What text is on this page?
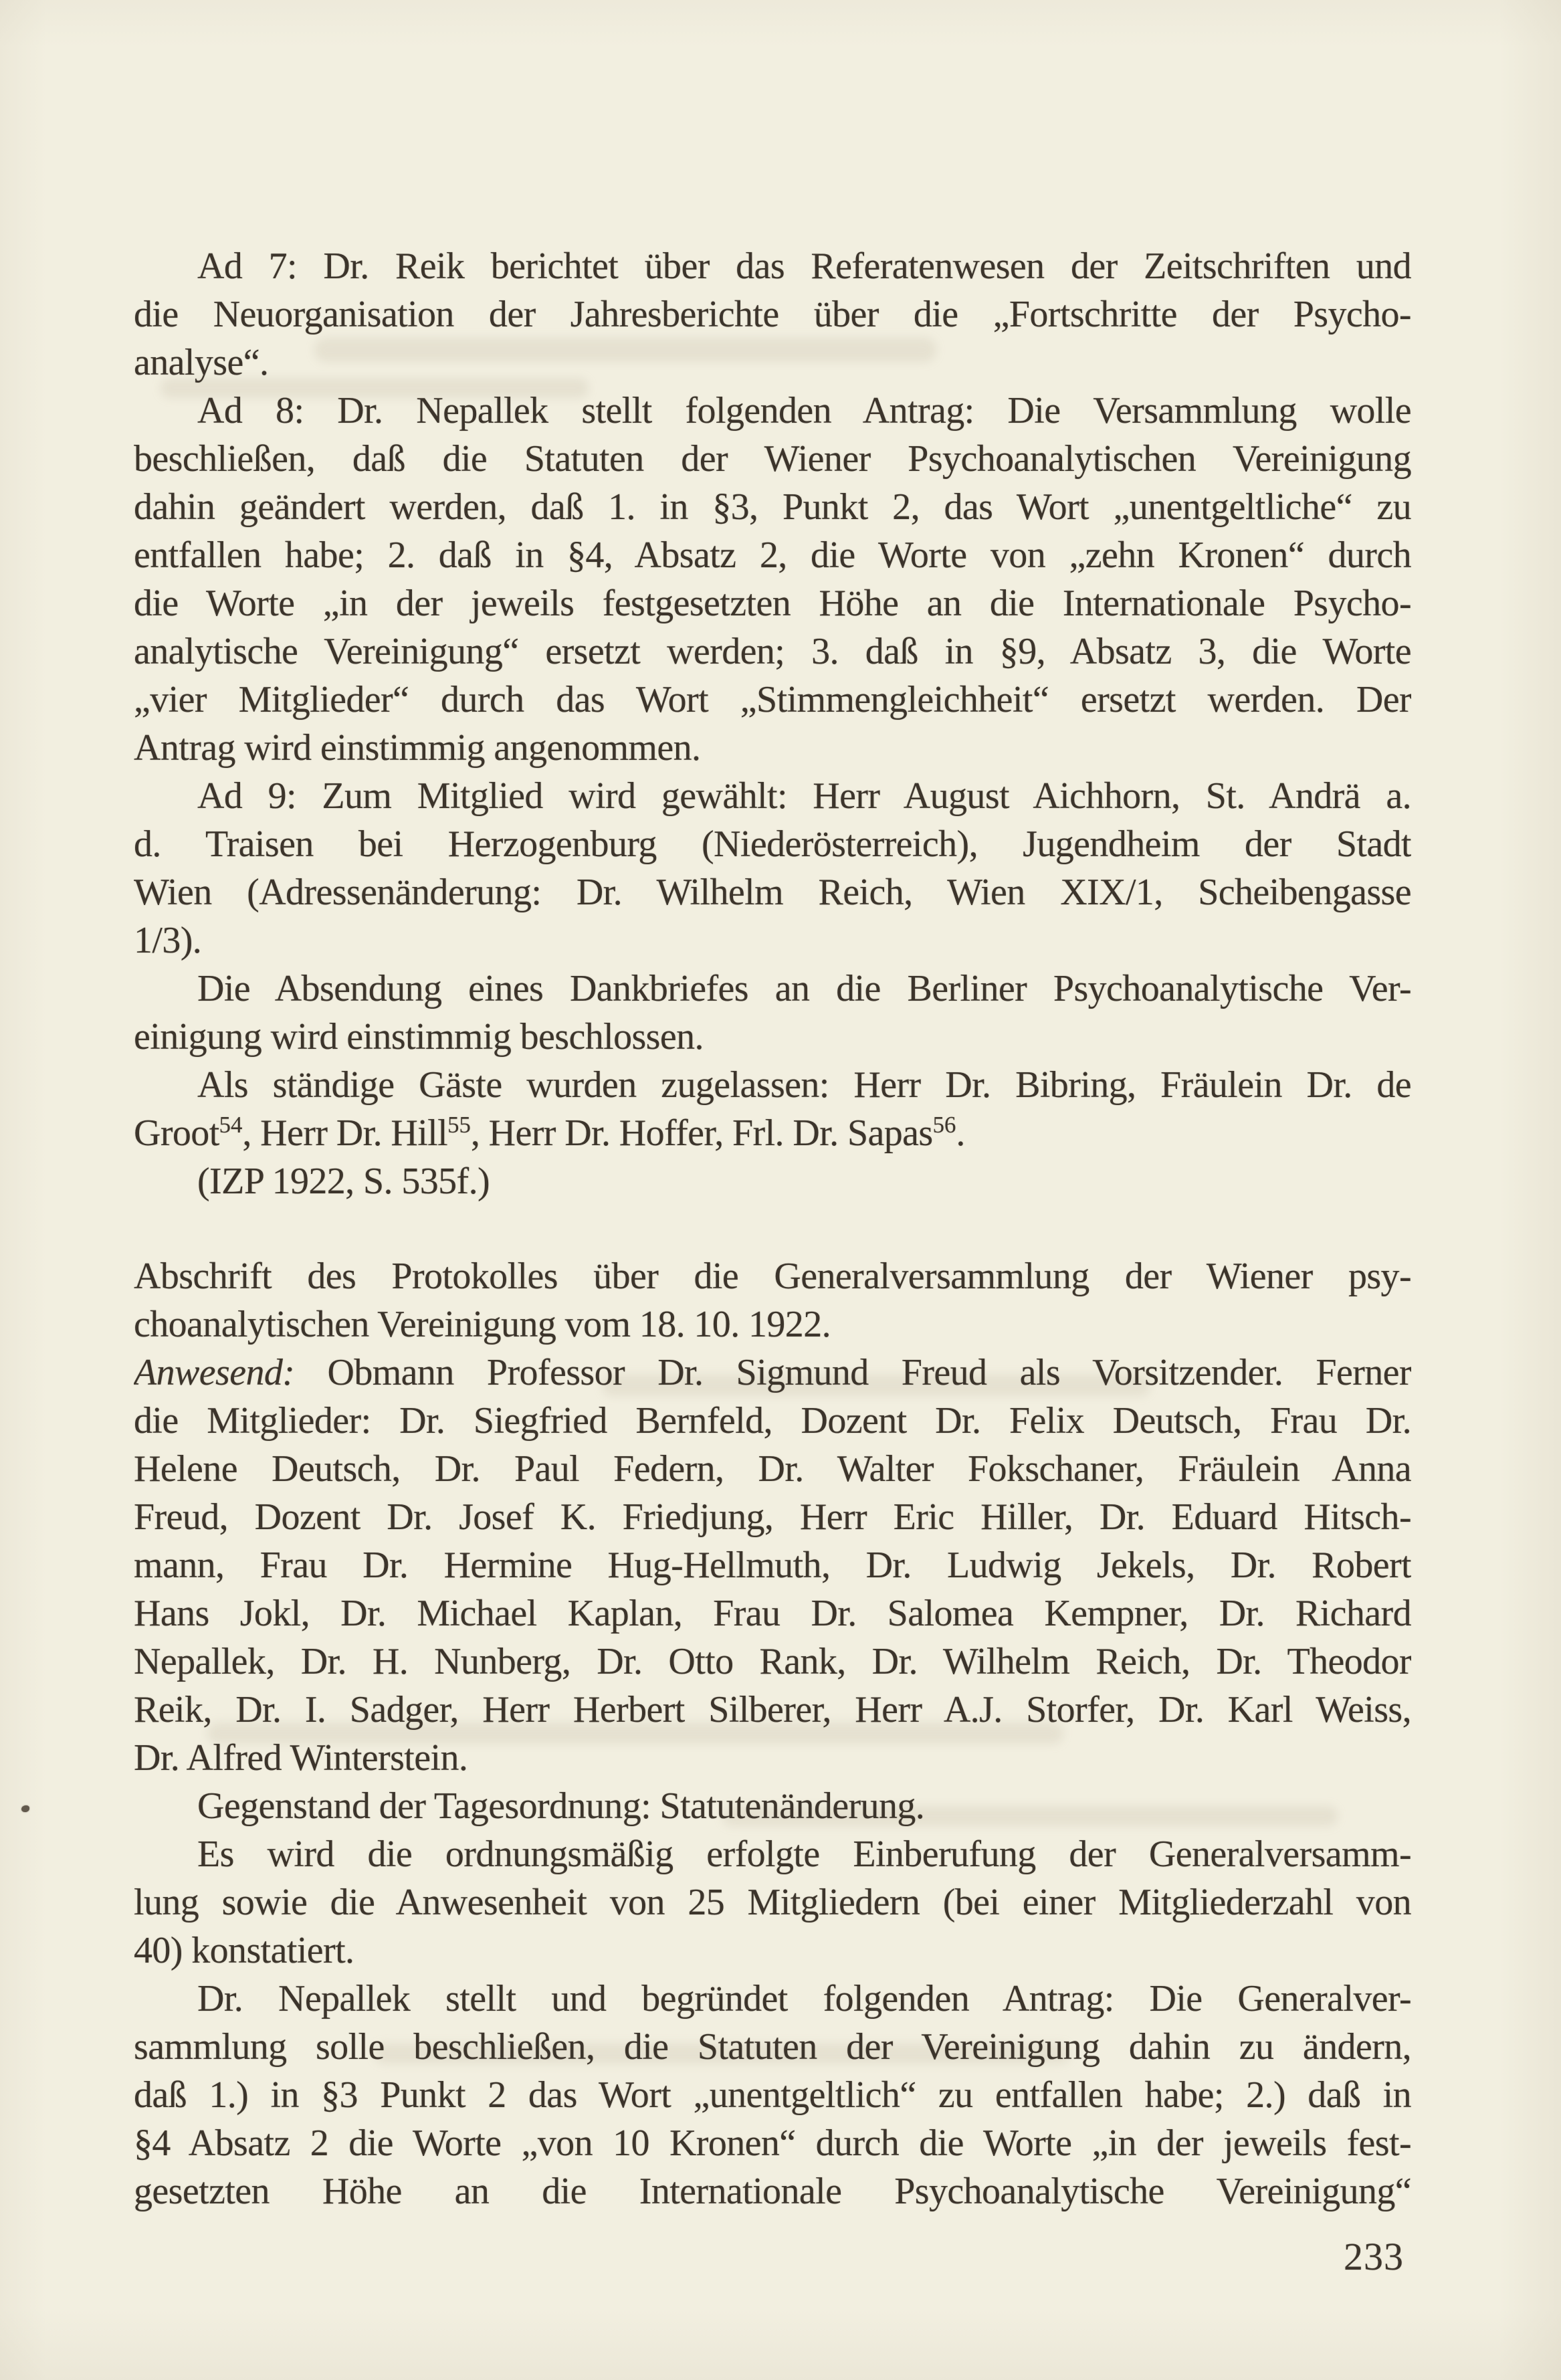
Ad 7: Dr. Reik berichtet über das Referatenwesen der Zeitschriften und
die Neuorganisation der Jahresberichte über die „Fortschritte der Psycho-
analyse“.
Ad 8: Dr. Nepallek stellt folgenden Antrag: Die Versammlung wolle
beschließen, daß die Statuten der Wiener Psychoanalytischen Vereinigung
dahin geändert werden, daß 1. in §3, Punkt 2, das Wort „unentgeltliche“ zu
entfallen habe; 2. daß in §4, Absatz 2, die Worte von „zehn Kronen“ durch
die Worte „in der jeweils festgesetzten Höhe an die Internationale Psycho-
analytische Vereinigung“ ersetzt werden; 3. daß in §9, Absatz 3, die Worte
„vier Mitglieder“ durch das Wort „Stimmengleichheit“ ersetzt werden. Der
Antrag wird einstimmig angenommen.
Ad 9: Zum Mitglied wird gewählt: Herr August Aichhorn, St. Andrä a.
d. Traisen bei Herzogenburg (Niederösterreich), Jugendheim der Stadt
Wien (Adressenänderung: Dr. Wilhelm Reich, Wien XIX/1, Scheibengasse
1/3).
Die Absendung eines Dankbriefes an die Berliner Psychoanalytische Ver-
einigung wird einstimmig beschlossen.
Als ständige Gäste wurden zugelassen: Herr Dr. Bibring, Fräulein Dr. de
Groot54, Herr Dr. Hill55, Herr Dr. Hoffer, Frl. Dr. Sapas56.
(IZP 1922, S. 535f.)
Abschrift des Protokolles über die Generalversammlung der Wiener psy-
choanalytischen Vereinigung vom 18. 10. 1922.
Anwesend: Obmann Professor Dr. Sigmund Freud als Vorsitzender. Ferner
die Mitglieder: Dr. Siegfried Bernfeld, Dozent Dr. Felix Deutsch, Frau Dr.
Helene Deutsch, Dr. Paul Federn, Dr. Walter Fokschaner, Fräulein Anna
Freud, Dozent Dr. Josef K. Friedjung, Herr Eric Hiller, Dr. Eduard Hitsch-
mann, Frau Dr. Hermine Hug-Hellmuth, Dr. Ludwig Jekels, Dr. Robert
Hans Jokl, Dr. Michael Kaplan, Frau Dr. Salomea Kempner, Dr. Richard
Nepallek, Dr. H. Nunberg, Dr. Otto Rank, Dr. Wilhelm Reich, Dr. Theodor
Reik, Dr. I. Sadger, Herr Herbert Silberer, Herr A.J. Storfer, Dr. Karl Weiss,
Dr. Alfred Winterstein.
Gegenstand der Tagesordnung: Statutenänderung.
Es wird die ordnungsmäßig erfolgte Einberufung der Generalversamm-
lung sowie die Anwesenheit von 25 Mitgliedern (bei einer Mitgliederzahl von
40) konstatiert.
Dr. Nepallek stellt und begründet folgenden Antrag: Die Generalver-
sammlung solle beschließen, die Statuten der Vereinigung dahin zu ändern,
daß 1.) in §3 Punkt 2 das Wort „unentgeltlich“ zu entfallen habe; 2.) daß in
§4 Absatz 2 die Worte „von 10 Kronen“ durch die Worte „in der jeweils fest-
gesetzten Höhe an die Internationale Psychoanalytische Vereinigung“
233
